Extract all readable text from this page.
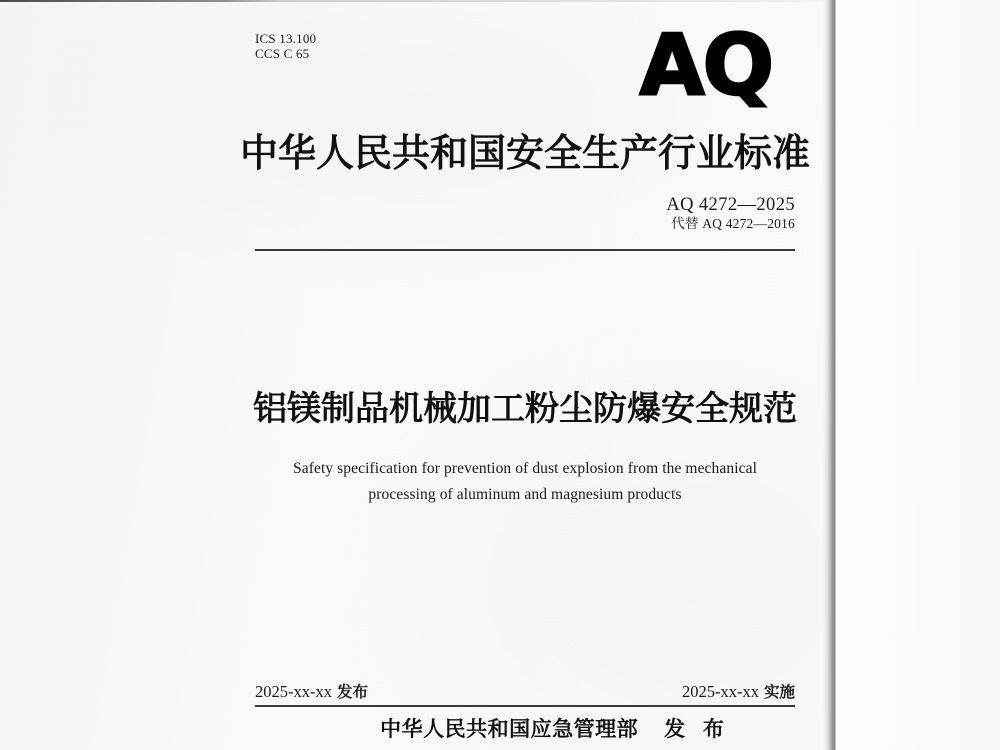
ICS 13.100
CCS C 65	AQ
中华人民共和国安全生产行业标准
AQ 4272—2025
代替 AQ 4272—2016
铝镁制品机械加工粉尘防爆安全规范
Safety specification for prevention of dust explosion from the mechanical
processing of aluminum and magnesium products
2025-xx-xx 发布	2025-xx-xx 实施
中华人民共和国应急管理部 发 布
